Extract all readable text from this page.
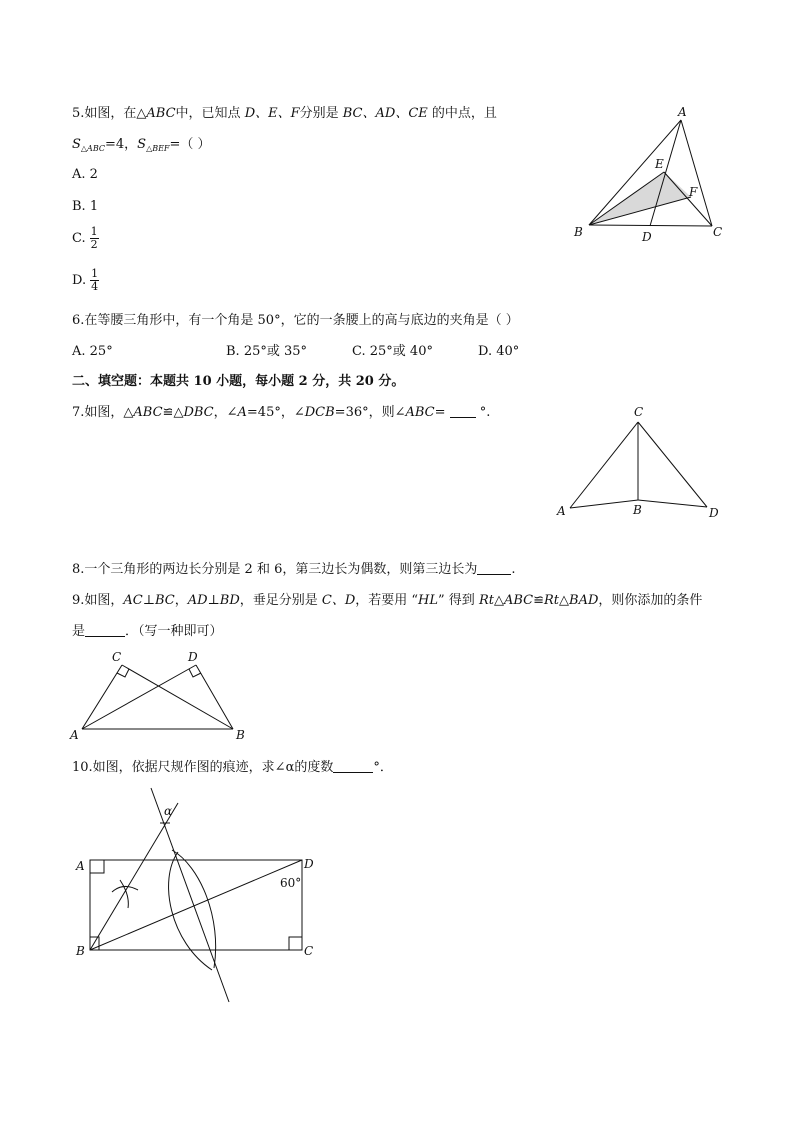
5.如图，在△ABC中，已知点 D、E、F分别是 BC、AD、CE 的中点，且
$S_{\triangle ABC}=4$，$S_{\triangle BEF}=$（ ）
A. 2
B. 1
C. $\frac{1}{2}$
D. $\frac{1}{4}$
A
B	C
D
E
F
6.在等腰三角形中，有一个角是 50°，它的一条腰上的高与底边的夹角是（ ）
A. 25°	B. 25°或 35°	C. 25°或 40°	D. 40°
二、填空题：本题共 10 小题，每小题 2 分，共 20 分。
7.如图，△ABC≌△DBC，∠A=45°，∠DCB=36°，则∠ABC=  °.	C
A	B	D
8.一个三角形的两边长分别是 2 和 6，第三边长为偶数，则第三边长为	.
9.如图，AC⊥BC，AD⊥BD，垂足分别是 C、D，若要用 “HL” 得到 Rt△ABC≌Rt△BAD，则你添加的条件
是	．（写一种即可）
C	D
A	B
10.如图，依据尺规作图的痕迹，求∠α的度数	°．
α
A
B	C
D
60°
